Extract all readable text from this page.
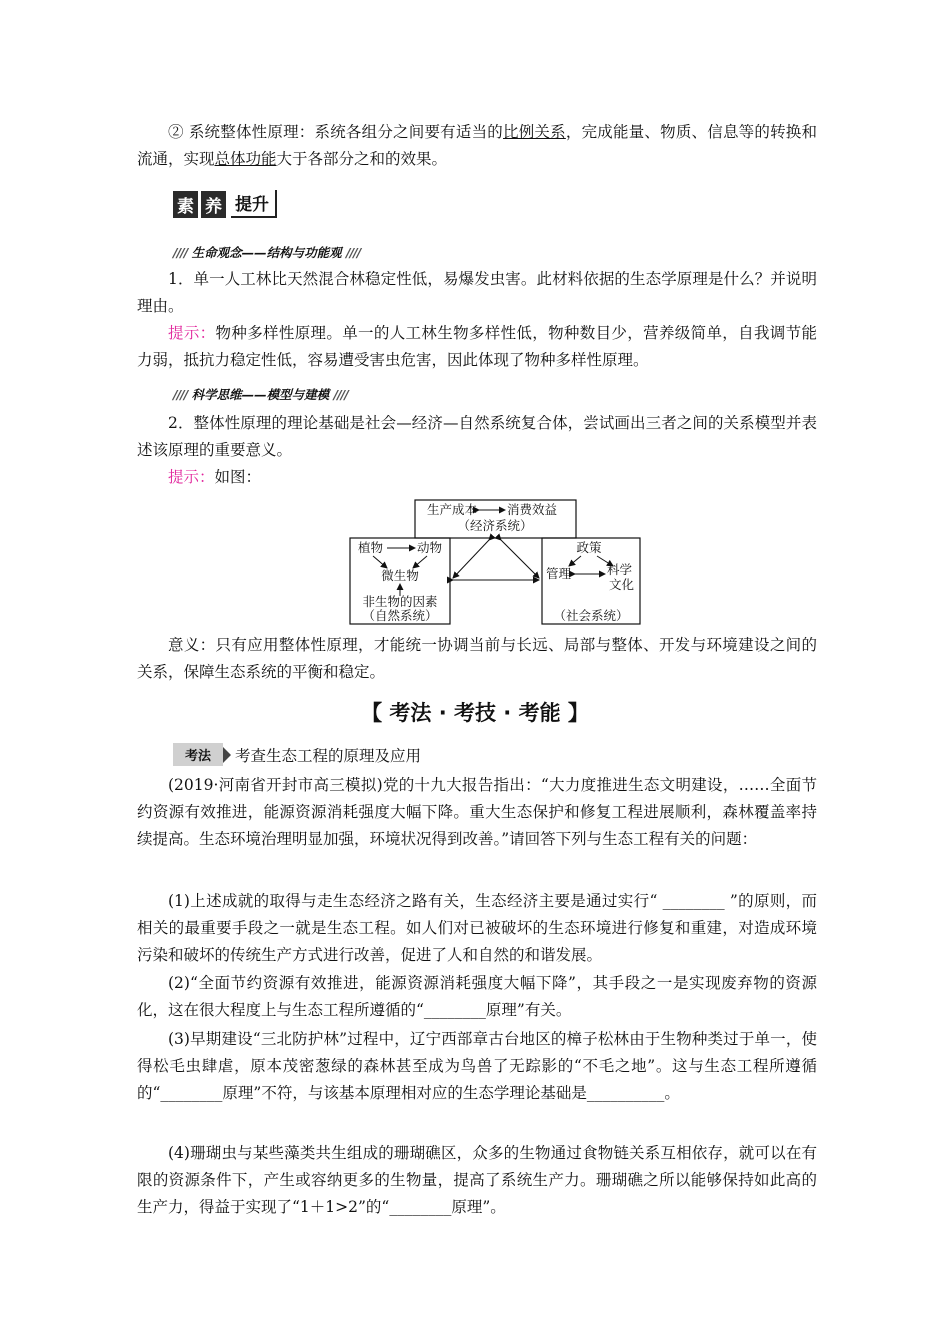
② 系统整体性原理：系统各组分之间要有适当的比例关系，完成能量、物质、信息等的转换和流通，实现总体功能大于各部分之和的效果。

素 养 提升
//// 生命观念——结构与功能观 ////

1．单一人工林比天然混合林稳定性低，易爆发虫害。此材料依据的生态学原理是什么？并说明理由。

提示：物种多样性原理。单一的人工林生物多样性低，物种数目少，营养级简单，自我调节能力弱，抵抗力稳定性低，容易遭受害虫危害，因此体现了物种多样性原理。

//// 科学思维——模型与建模 ////

2．整体性原理的理论基础是社会—经济—自然系统复合体，尝试画出三者之间的关系模型并表述该原理的重要意义。

提示：如图：

生产成本 消费效益
（经济系统）
植物	动物
微生物
非生物的因素
（自然系统）
政策
管理	科学
文化
（社会系统）

意义：只有应用整体性原理，才能统一协调当前与长远、局部与整体、开发与环境建设之间的关系，保障生态系统的平衡和稳定。

【 考法 · 考技 · 考能 】
考法	考查生态工程的原理及应用

(2019·河南省开封市高三模拟)党的十九大报告指出：“大力度推进生态文明建设，……全面节约资源有效推进，能源资源消耗强度大幅下降。重大生态保护和修复工程进展顺利，森林覆盖率持续提高。生态环境治理明显加强，环境状况得到改善。”请回答下列与生态工程有关的问题：

(1)上述成就的取得与走生态经济之路有关，生态经济主要是通过实行“ ________ ”的原则，而相关的最重要手段之一就是生态工程。如人们对已被破坏的生态环境进行修复和重建，对造成环境污染和破坏的传统生产方式进行改善，促进了人和自然的和谐发展。

(2)“全面节约资源有效推进，能源资源消耗强度大幅下降”，其手段之一是实现废弃物的资源化，这在很大程度上与生态工程所遵循的“________原理”有关。

(3)早期建设“三北防护林”过程中，辽宁西部章古台地区的樟子松林由于生物种类过于单一，使得松毛虫肆虐，原本茂密葱绿的森林甚至成为鸟兽了无踪影的“不毛之地”。这与生态工程所遵循的“________原理”不符，与该基本原理相对应的生态学理论基础是__________。

(4)珊瑚虫与某些藻类共生组成的珊瑚礁区，众多的生物通过食物链关系互相依存，就可以在有限的资源条件下，产生或容纳更多的生物量，提高了系统生产力。珊瑚礁之所以能够保持如此高的生产力，得益于实现了“1＋1>2”的“________原理”。
